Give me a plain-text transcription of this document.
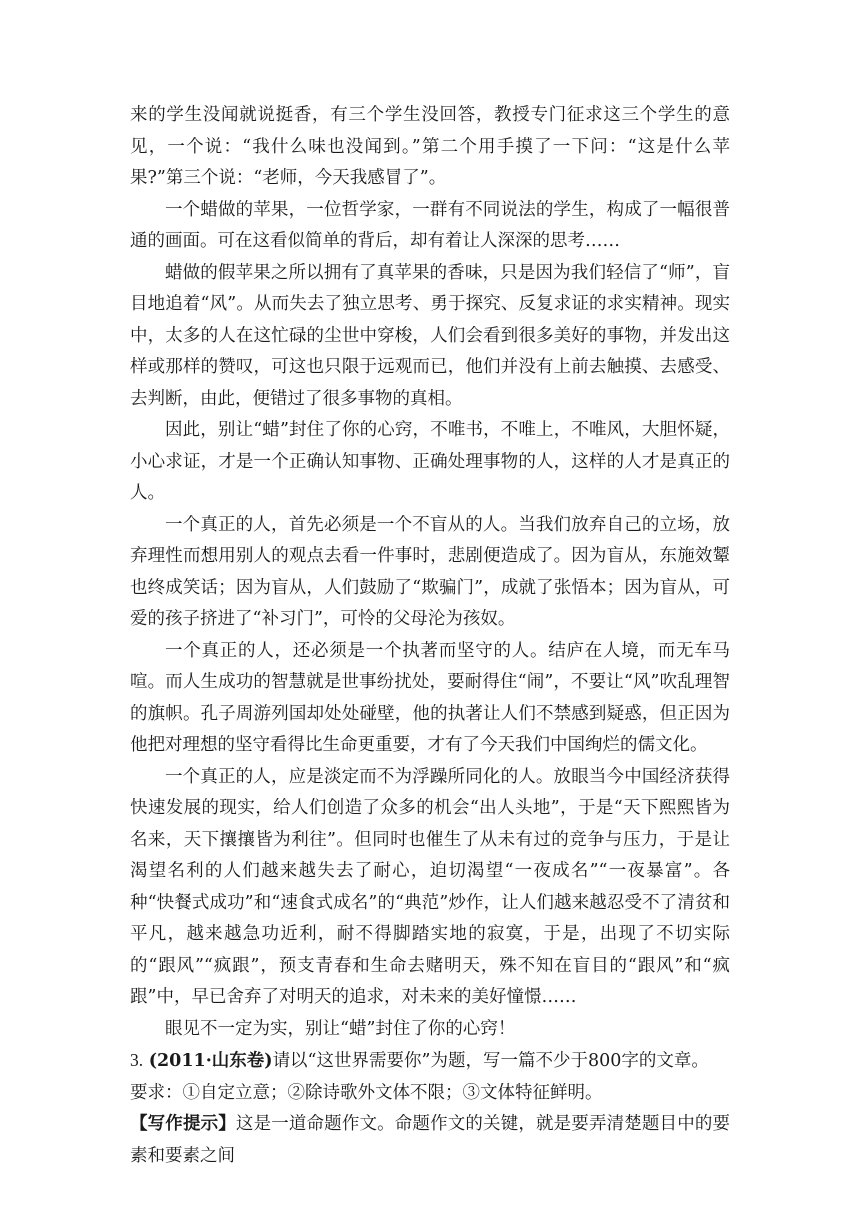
来的学生没闻就说挺香，有三个学生没回答，教授专门征求这三个学生的意见，一个说：“我什么味也没闻到。”第二个用手摸了一下问：“这是什么苹果?”第三个说：“老师，今天我感冒了”。

一个蜡做的苹果，一位哲学家，一群有不同说法的学生，构成了一幅很普通的画面。可在这看似简单的背后，却有着让人深深的思考……

蜡做的假苹果之所以拥有了真苹果的香味，只是因为我们轻信了“师”，盲目地追着“风”。从而失去了独立思考、勇于探究、反复求证的求实精神。现实中，太多的人在这忙碌的尘世中穿梭，人们会看到很多美好的事物，并发出这样或那样的赞叹，可这也只限于远观而已，他们并没有上前去触摸、去感受、去判断，由此，便错过了很多事物的真相。

因此，别让“蜡”封住了你的心窍，不唯书，不唯上，不唯风，大胆怀疑，小心求证，才是一个正确认知事物、正确处理事物的人，这样的人才是真正的人。

一个真正的人，首先必须是一个不盲从的人。当我们放弃自己的立场，放弃理性而想用别人的观点去看一件事时，悲剧便造成了。因为盲从，东施效颦也终成笑话；因为盲从，人们鼓励了“欺骗门”，成就了张悟本；因为盲从，可爱的孩子挤进了“补习门”，可怜的父母沦为孩奴。

一个真正的人，还必须是一个执著而坚守的人。结庐在人境，而无车马喧。而人生成功的智慧就是世事纷扰处，要耐得住“闹”，不要让“风”吹乱理智的旗帜。孔子周游列国却处处碰壁，他的执著让人们不禁感到疑惑，但正因为他把对理想的坚守看得比生命更重要，才有了今天我们中国绚烂的儒文化。

一个真正的人，应是淡定而不为浮躁所同化的人。放眼当今中国经济获得快速发展的现实，给人们创造了众多的机会“出人头地”，于是“天下熙熙皆为名来，天下攘攘皆为利往”。但同时也催生了从未有过的竞争与压力，于是让渴望名利的人们越来越失去了耐心，迫切渴望“一夜成名”“一夜暴富”。各种“快餐式成功”和“速食式成名”的“典范”炒作，让人们越来越忍受不了清贫和平凡，越来越急功近利，耐不得脚踏实地的寂寞，于是，出现了不切实际的“跟风”“疯跟”，预支青春和生命去赌明天，殊不知在盲目的“跟风”和“疯跟”中，早已舍弃了对明天的追求，对未来的美好憧憬……

眼见不一定为实，别让“蜡”封住了你的心窍！

3. (2011·山东卷)请以“这世界需要你”为题，写一篇不少于800字的文章。

要求：①自定立意；②除诗歌外文体不限；③文体特征鲜明。

【写作提示】这是一道命题作文。命题作文的关键，就是要弄清楚题目中的要素和要素之间
